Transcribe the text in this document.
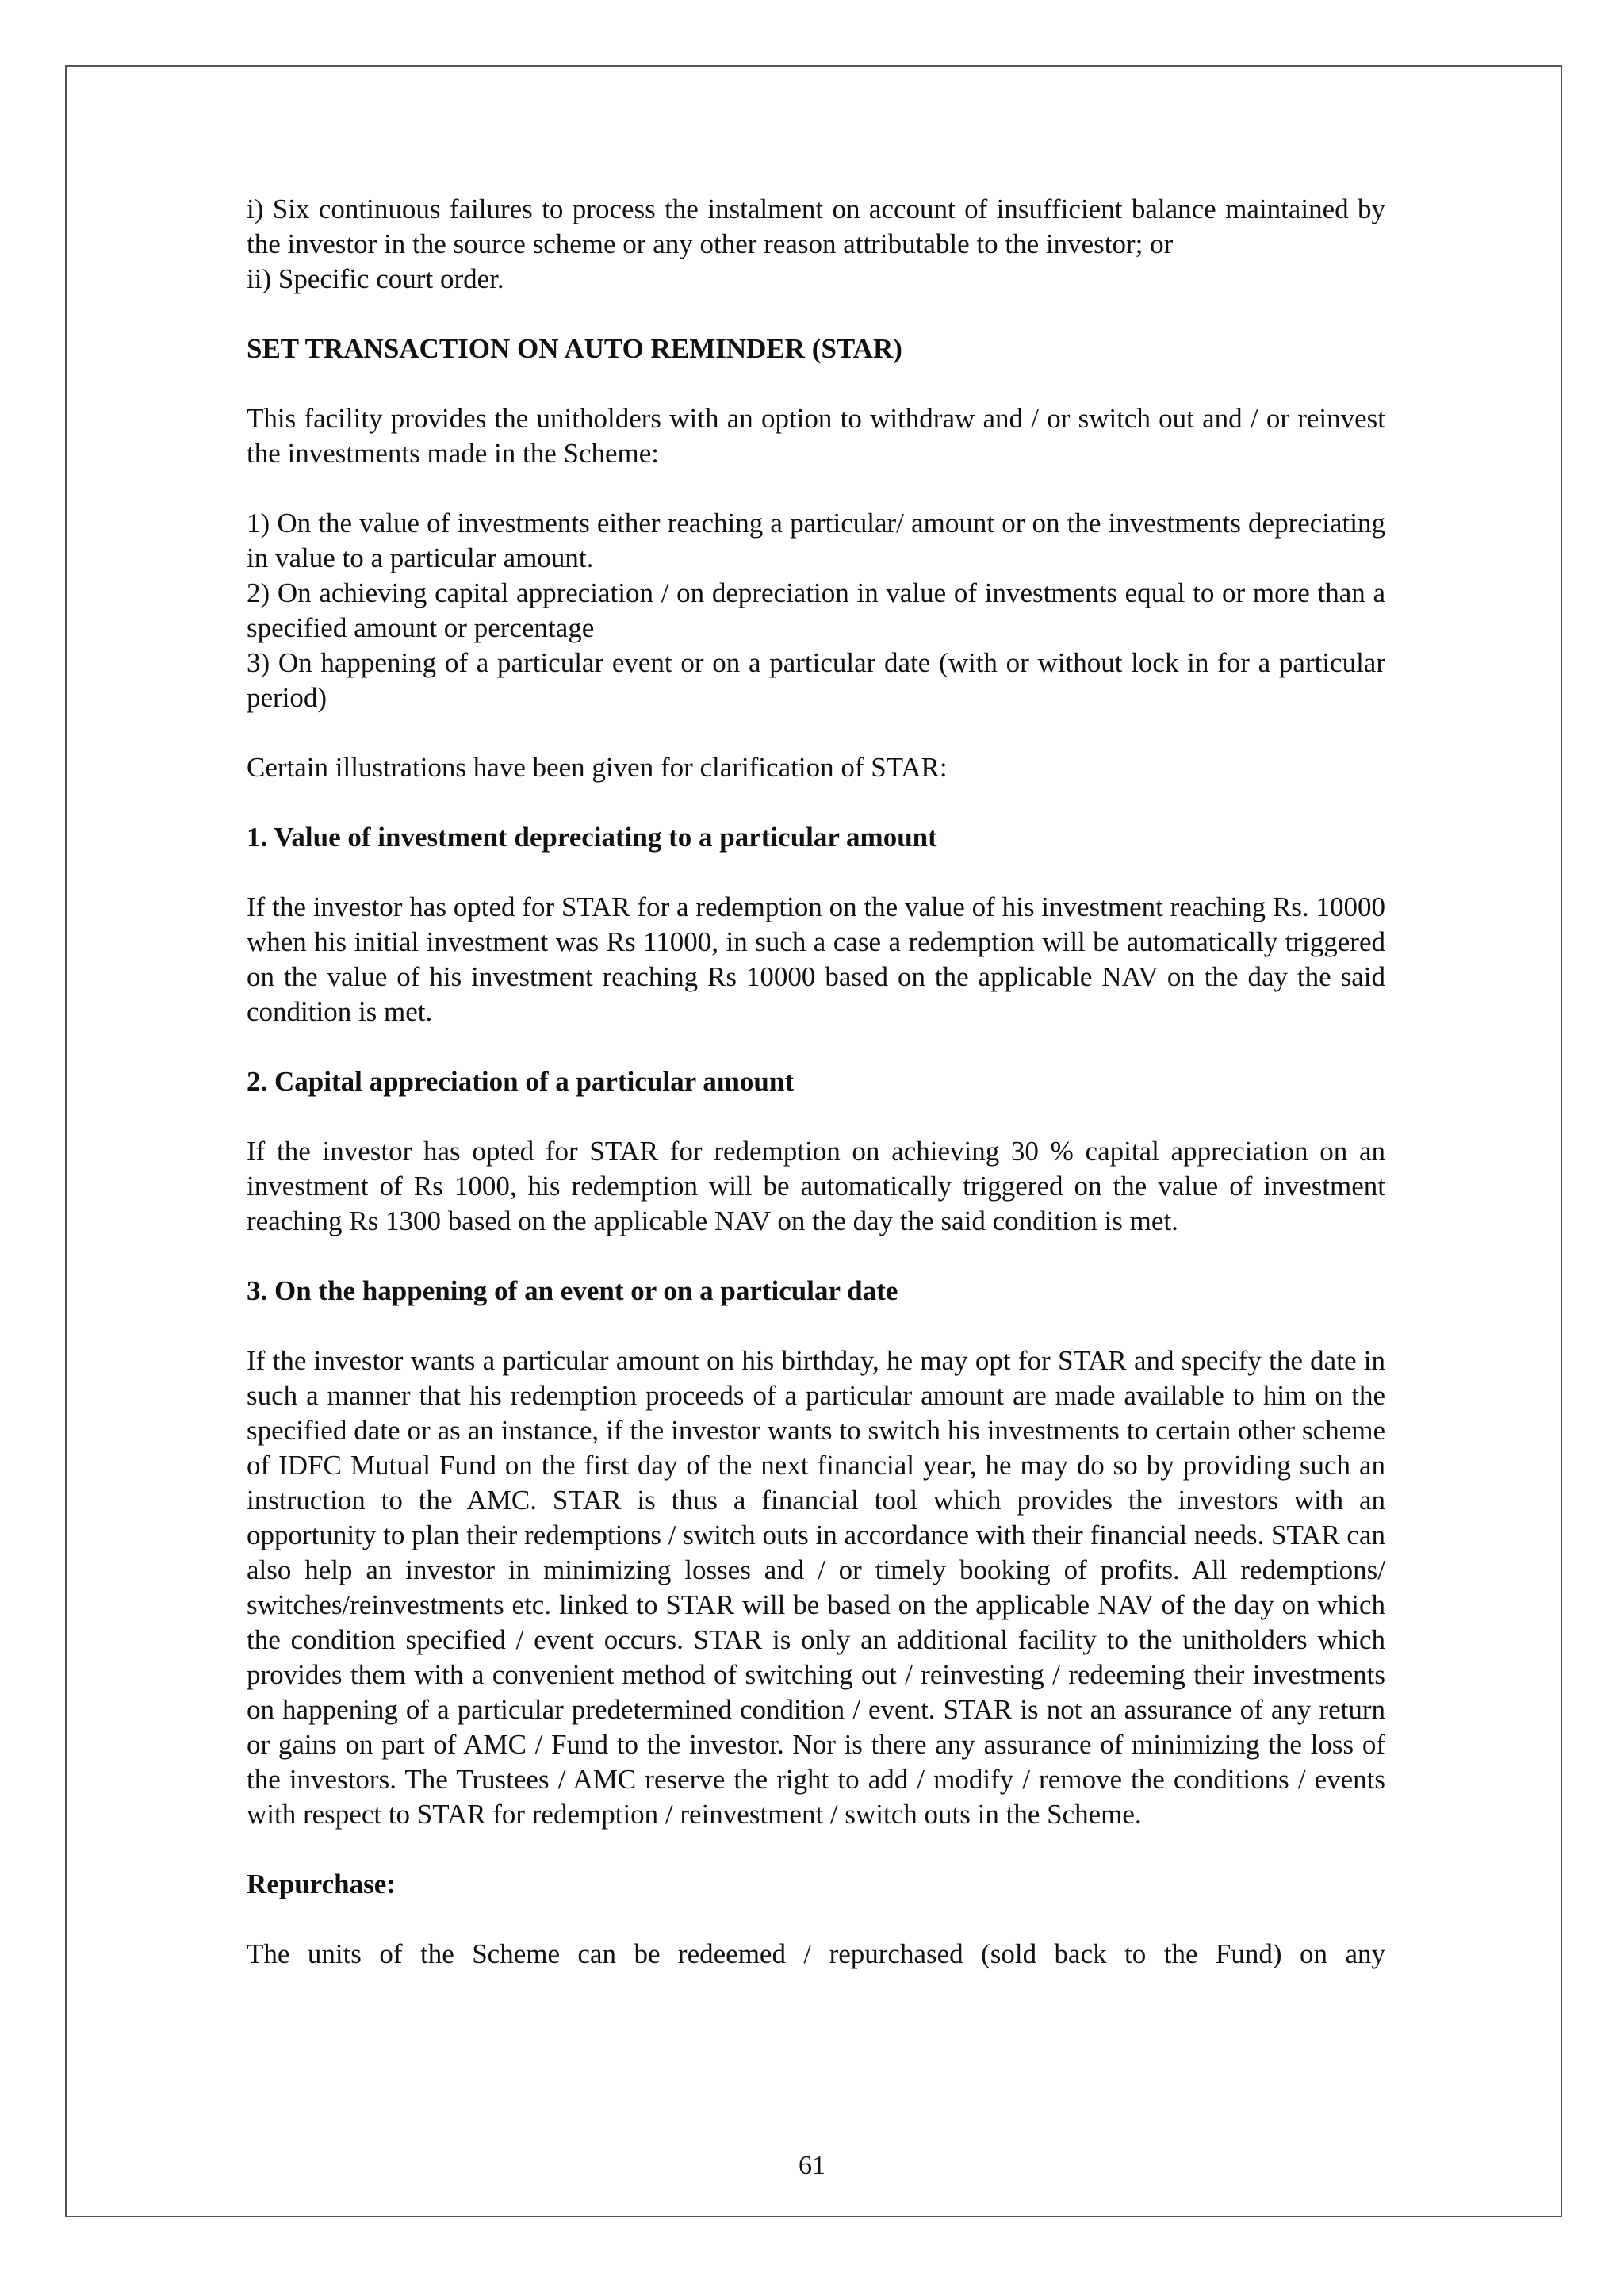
i) Six continuous failures to process the instalment on account of insufficient balance maintained by the investor in the source scheme or any other reason attributable to the investor; or

ii) Specific court order.

SET TRANSACTION ON AUTO REMINDER (STAR)

This facility provides the unitholders with an option to withdraw and / or switch out and / or reinvest the investments made in the Scheme:

1) On the value of investments either reaching a particular/ amount or on the investments depreciating in value to a particular amount.

2) On achieving capital appreciation / on depreciation in value of investments equal to or more than a specified amount or percentage

3) On happening of a particular event or on a particular date (with or without lock in for a particular period)

Certain illustrations have been given for clarification of STAR:

1. Value of investment depreciating to a particular amount

If the investor has opted for STAR for a redemption on the value of his investment reaching Rs. 10000 when his initial investment was Rs 11000, in such a case a redemption will be automatically triggered on the value of his investment reaching Rs 10000 based on the applicable NAV on the day the said condition is met.

2. Capital appreciation of a particular amount

If the investor has opted for STAR for redemption on achieving 30 % capital appreciation on an investment of Rs 1000, his redemption will be automatically triggered on the value of investment reaching Rs 1300 based on the applicable NAV on the day the said condition is met.

3. On the happening of an event or on a particular date

If the investor wants a particular amount on his birthday, he may opt for STAR and specify the date in such a manner that his redemption proceeds of a particular amount are made available to him on the specified date or as an instance, if the investor wants to switch his investments to certain other scheme of IDFC Mutual Fund on the first day of the next financial year, he may do so by providing such an instruction to the AMC. STAR is thus a financial tool which provides the investors with an opportunity to plan their redemptions / switch outs in accordance with their financial needs. STAR can also help an investor in minimizing losses and / or timely booking of profits. All redemptions/ switches/reinvestments etc. linked to STAR will be based on the applicable NAV of the day on which the condition specified / event occurs. STAR is only an additional facility to the unitholders which provides them with a convenient method of switching out / reinvesting / redeeming their investments on happening of a particular predetermined condition / event. STAR is not an assurance of any return or gains on part of AMC / Fund to the investor. Nor is there any assurance of minimizing the loss of the investors. The Trustees / AMC reserve the right to add / modify / remove the conditions / events with respect to STAR for redemption / reinvestment / switch outs in the Scheme.

Repurchase:

The units of the Scheme can be redeemed / repurchased (sold back to the Fund) on any

61
